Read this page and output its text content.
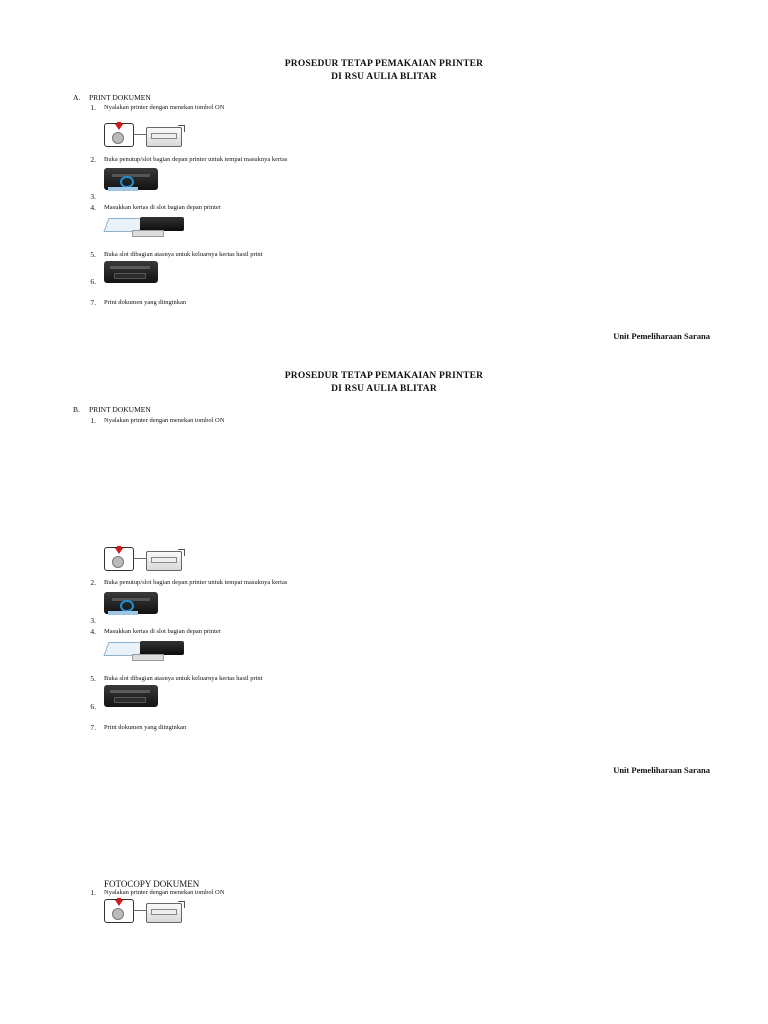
PROSEDUR TETAP PEMAKAIAN PRINTER
DI RSU AULIA BLITAR
A. PRINT DOKUMEN
1. Nyalakan printer dengan menekan tombol ON
2. Buka penutup/slot bagian depan printer untuk tempat masuknya kertas
3.
4. Masukkan kertas di slot bagian depan printer
5. Buka slot dibagian atasnya untuk keluarnya kertas hasil print
6.
7. Print dokumen yang diinginkan
Unit Pemeliharaan Sarana
PROSEDUR TETAP PEMAKAIAN PRINTER
DI RSU AULIA BLITAR
B. PRINT DOKUMEN
1. Nyalakan printer dengan menekan tombol ON
2. Buka penutup/slot bagian depan printer untuk tempat masuknya kertas
3.
4. Masukkan kertas di slot bagian depan printer
5. Buka slot dibagian atasnya untuk keluarnya kertas hasil print
6.
7. Print dokumen yang diinginkan
Unit Pemeliharaan Sarana
FOTOCOPY DOKUMEN
1. Nyalakan printer dengan menekan tombol ON
